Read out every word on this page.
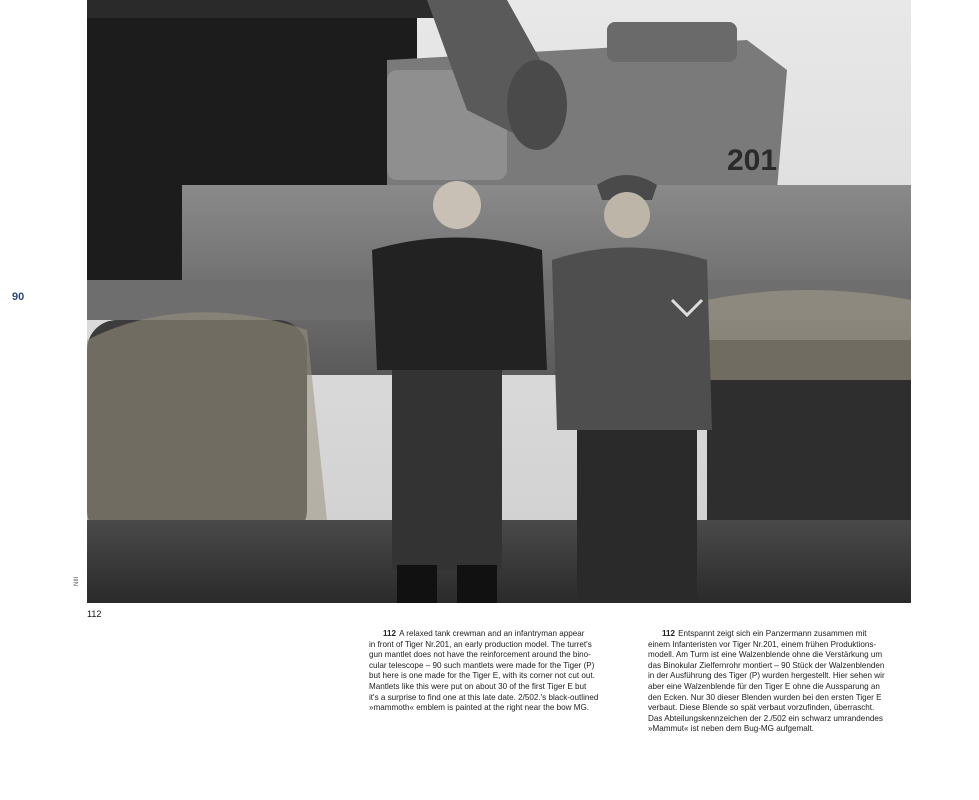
90
201
NIII
112
112 A relaxed tank crewman and an infantryman appear
in front of Tiger Nr.201, an early production model. The turret's
gun mantlet does not have the reinforcement around the bino-
cular telescope – 90 such mantlets were made for the Tiger (P)
but here is one made for the Tiger E, with its corner not cut out.
Mantlets like this were put on about 30 of the first Tiger E but
it's a surprise to find one at this late date. 2/502.'s black-outlined
»mammoth« emblem is painted at the right near the bow MG.
112 Entspannt zeigt sich ein Panzermann zusammen mit
einem Infanteristen vor Tiger Nr.201, einem frühen Produktions-
modell. Am Turm ist eine Walzenblende ohne die Verstärkung um
das Binokular Zielfernrohr montiert – 90 Stück der Walzenblenden
in der Ausführung des Tiger (P) wurden hergestellt. Hier sehen wir
aber eine Walzenblende für den Tiger E ohne die Aussparung an
den Ecken. Nur 30 dieser Blenden wurden bei den ersten Tiger E
verbaut. Diese Blende so spät verbaut vorzufinden, überrascht.
Das Abteilungskennzeichen der 2./502 ein schwarz umrandendes
»Mammut« ist neben dem Bug-MG aufgemalt.
